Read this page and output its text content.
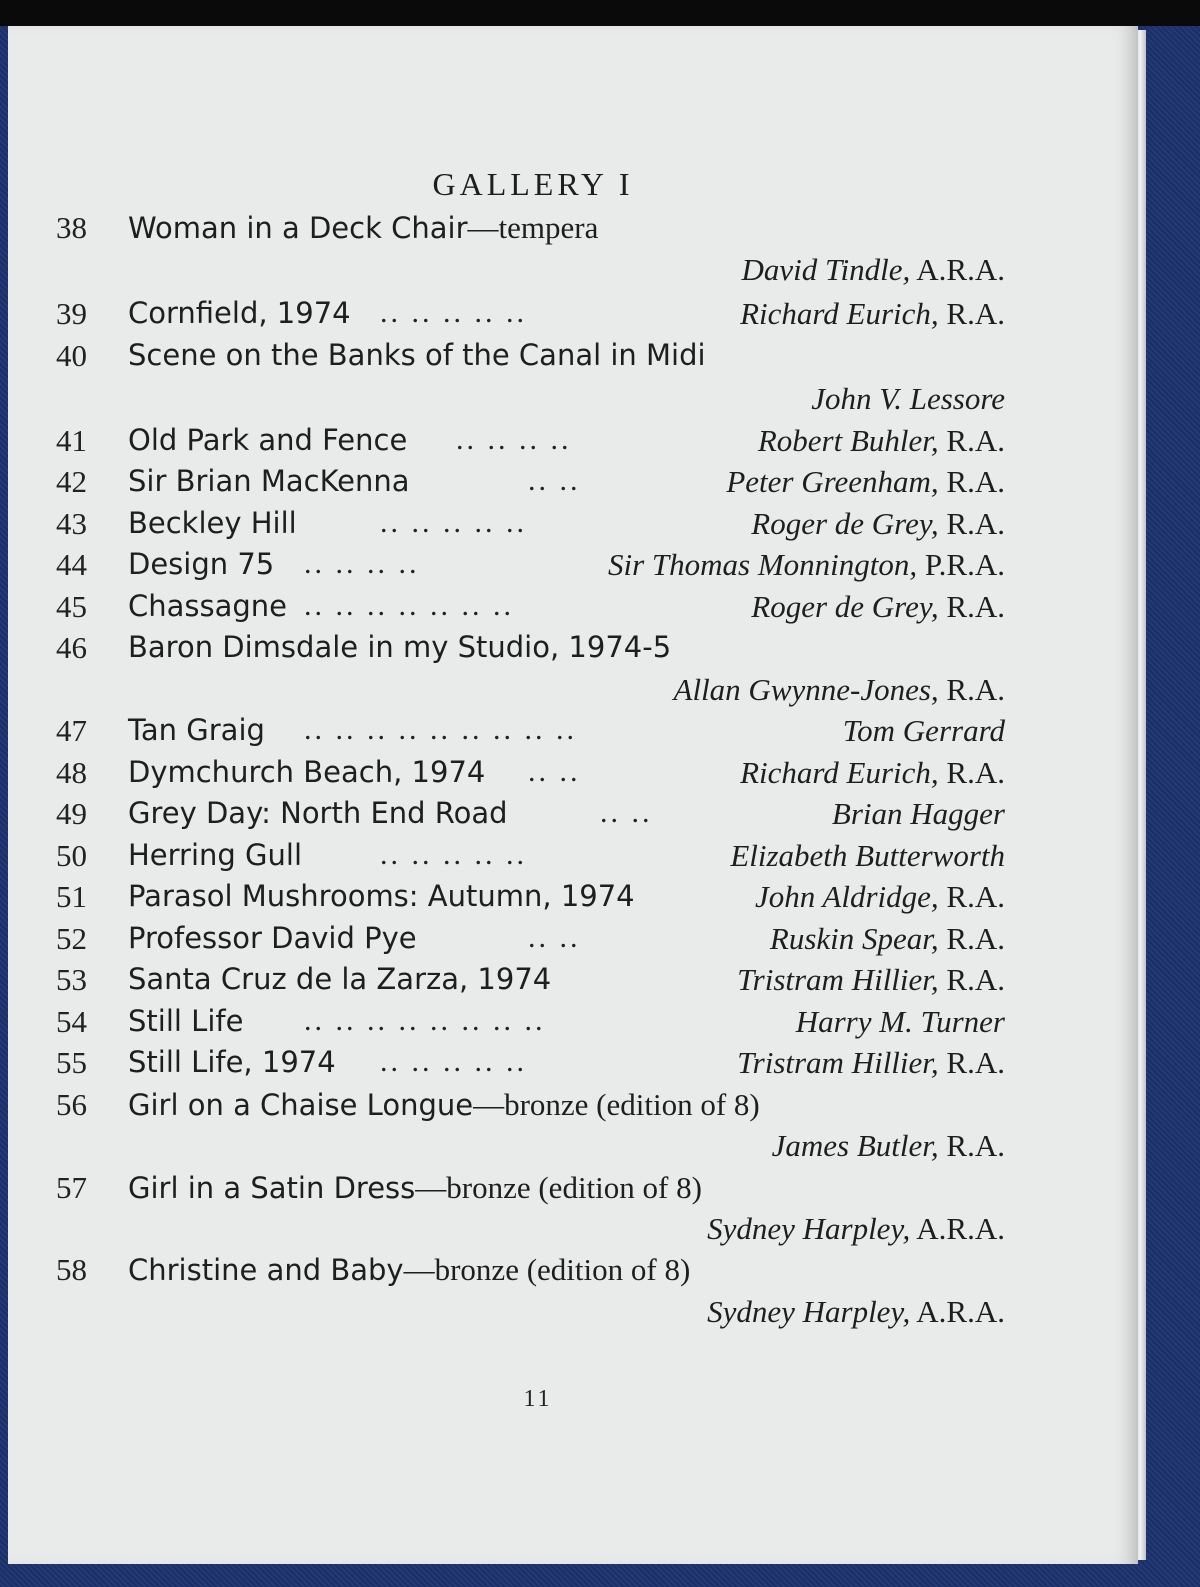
GALLERY I
38	Woman in a Deck Chair—tempera
David Tindle, A.R.A.
39	Cornfield, 1974 .. .. .. .. ..	Richard Eurich, R.A.
40	Scene on the Banks of the Canal in Midi
John V. Lessore
41	Old Park and Fence .. .. .. ..	Robert Buhler, R.A.
42	Sir Brian MacKenna	.. ..	Peter Greenham, R.A.
43	Beckley Hill	.. .. .. .. ..	Roger de Grey, R.A.
44	Design 75 .. .. .. ..	Sir Thomas Monnington, P.R.A.
45	Chassagne .. .. .. .. .. .. ..	Roger de Grey, R.A.
46	Baron Dimsdale in my Studio, 1974-5
Allan Gwynne-Jones, R.A.
47	Tan Graig .. .. .. .. .. .. .. .. ..	Tom Gerrard
48	Dymchurch Beach, 1974 .. ..	Richard Eurich, R.A.
49	Grey Day: North End Road	.. ..	Brian Hagger
50	Herring Gull	.. .. .. .. ..	Elizabeth Butterworth
51	Parasol Mushrooms: Autumn, 1974	John Aldridge, R.A.
52	Professor David Pye	.. ..	Ruskin Spear, R.A.
53	Santa Cruz de la Zarza, 1974	Tristram Hillier, R.A.
54	Still Life .. .. .. .. .. .. .. ..	Harry M. Turner
55	Still Life, 1974 .. .. .. .. ..	Tristram Hillier, R.A.
56	Girl on a Chaise Longue—bronze (edition of 8)
James Butler, R.A.
57	Girl in a Satin Dress—bronze (edition of 8)
Sydney Harpley, A.R.A.
58	Christine and Baby—bronze (edition of 8)
Sydney Harpley, A.R.A.
11
